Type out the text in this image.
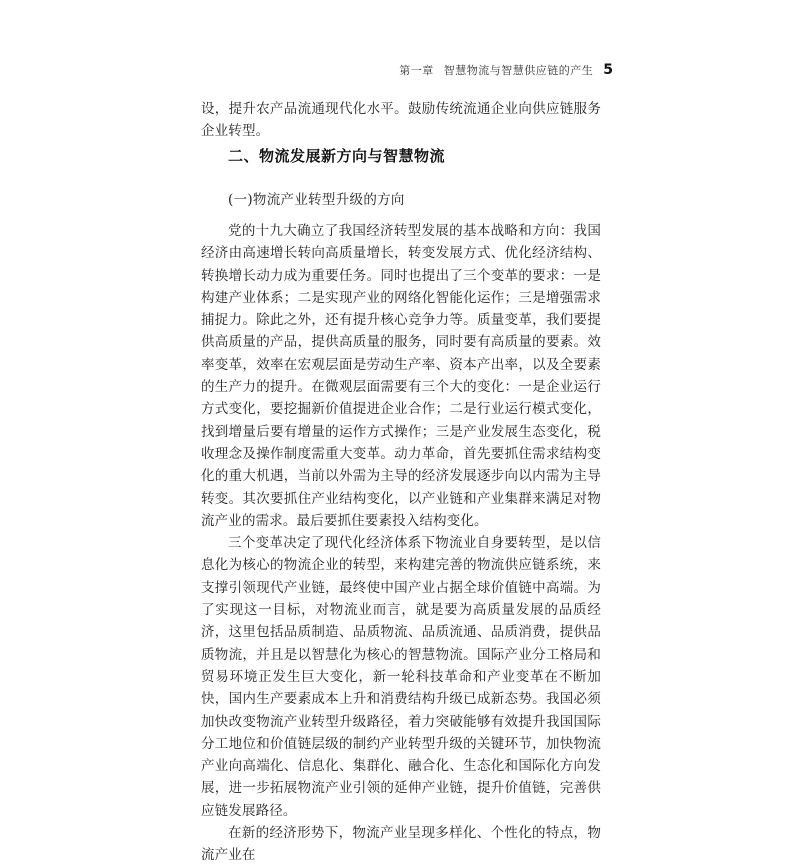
第一章 智慧物流与智慧供应链的产生 5
设，提升农产品流通现代化水平。鼓励传统流通企业向供应链服务企业转型。
二、物流发展新方向与智慧物流
(一)物流产业转型升级的方向

党的十九大确立了我国经济转型发展的基本战略和方向：我国经济由高速增长转向高质量增长，转变发展方式、优化经济结构、转换增长动力成为重要任务。同时也提出了三个变革的要求：一是构建产业体系；二是实现产业的网络化智能化运作；三是增强需求捕捉力。除此之外，还有提升核心竞争力等。质量变革，我们要提供高质量的产品，提供高质量的服务，同时要有高质量的要素。效率变革，效率在宏观层面是劳动生产率、资本产出率，以及全要素的生产力的提升。在微观层面需要有三个大的变化：一是企业运行方式变化，要挖掘新价值提进企业合作；二是行业运行模式变化，找到增量后要有增量的运作方式操作；三是产业发展生态变化，税收理念及操作制度需重大变革。动力革命，首先要抓住需求结构变化的重大机遇，当前以外需为主导的经济发展逐步向以内需为主导转变。其次要抓住产业结构变化，以产业链和产业集群来满足对物流产业的需求。最后要抓住要素投入结构变化。

三个变革决定了现代化经济体系下物流业自身要转型，是以信息化为核心的物流企业的转型，来构建完善的物流供应链系统，来支撑引领现代产业链，最终使中国产业占据全球价值链中高端。为了实现这一目标，对物流业而言，就是要为高质量发展的品质经济，这里包括品质制造、品质物流、品质流通、品质消费，提供品质物流，并且是以智慧化为核心的智慧物流。国际产业分工格局和贸易环境正发生巨大变化，新一轮科技革命和产业变革在不断加快，国内生产要素成本上升和消费结构升级已成新态势。我国必须加快改变物流产业转型升级路径，着力突破能够有效提升我国国际分工地位和价值链层级的制约产业转型升级的关键环节，加快物流产业向高端化、信息化、集群化、融合化、生态化和国际化方向发展，进一步拓展物流产业引领的延伸产业链，提升价值链，完善供应链发展路径。

在新的经济形势下，物流产业呈现多样化、个性化的特点，物流产业在
